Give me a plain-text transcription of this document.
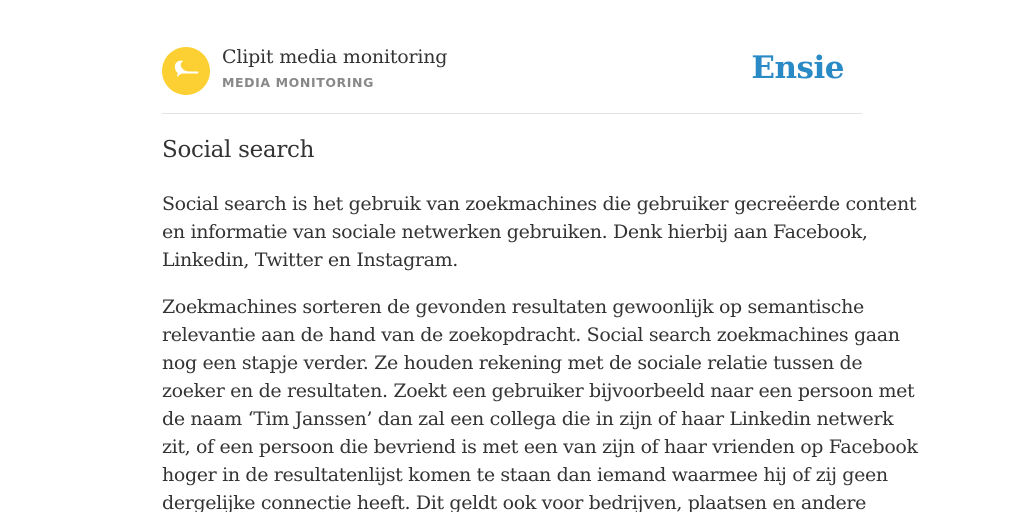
Clipit media monitoring
MEDIA MONITORING	Ensie
Social search

Social search is het gebruik van zoekmachines die gebruiker gecreëerde content
en informatie van sociale netwerken gebruiken. Denk hierbij aan Facebook,
Linkedin, Twitter en Instagram.

Zoekmachines sorteren de gevonden resultaten gewoonlijk op semantische
relevantie aan de hand van de zoekopdracht. Social search zoekmachines gaan
nog een stapje verder. Ze houden rekening met de sociale relatie tussen de
zoeker en de resultaten. Zoekt een gebruiker bijvoorbeeld naar een persoon met
de naam ‘Tim Janssen’ dan zal een collega die in zijn of haar Linkedin netwerk
zit, of een persoon die bevriend is met een van zijn of haar vrienden op Facebook
hoger in de resultatenlijst komen te staan dan iemand waarmee hij of zij geen
dergelijke connectie heeft. Dit geldt ook voor bedrijven, plaatsen en andere
